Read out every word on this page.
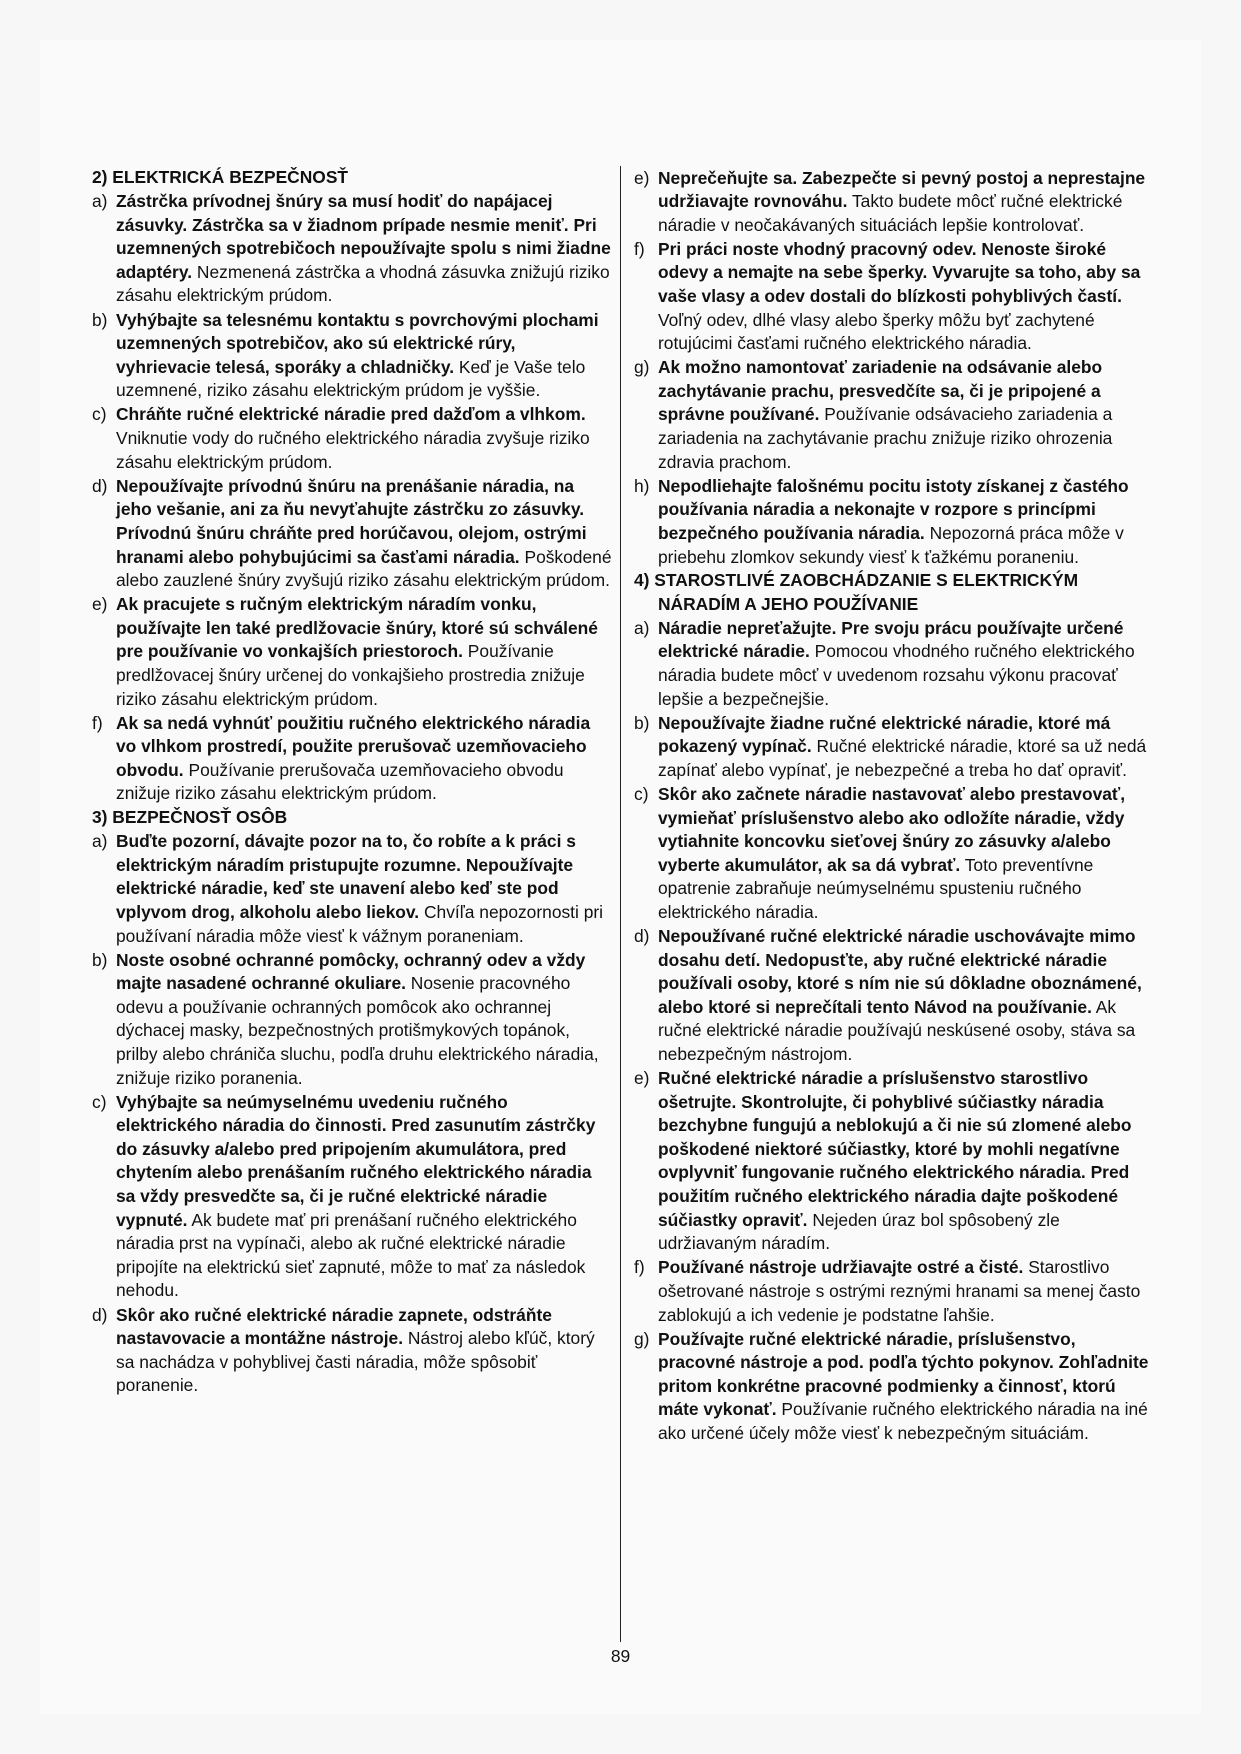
2) ELEKTRICKÁ BEZPEČNOSŤ
a) Zástrčka prívodnej šnúry sa musí hodiť do napájacej zásuvky. Zástrčka sa v žiadnom prípade nesmie meniť. Pri uzemnených spotrebičoch nepoužívajte spolu s nimi žiadne adaptéry. Nezmenená zástrčka a vhodná zásuvka znižujú riziko zásahu elektrickým prúdom.
b) Vyhýbajte sa telesnému kontaktu s povrchovými plochami uzemnených spotrebičov, ako sú elektrické rúry, vyhrievacie telesá, sporáky a chladničky. Keď je Vaše telo uzemnené, riziko zásahu elektrickým prúdom je vyššie.
c) Chráňte ručné elektrické náradie pred dažďom a vlhkom. Vniknutie vody do ručného elektrického náradia zvyšuje riziko zásahu elektrickým prúdom.
d) Nepoužívajte prívodnú šnúru na prenášanie náradia, na jeho vešanie, ani za ňu nevyťahujte zástrčku zo zásuvky. Prívodnú šnúru chráňte pred horúčavou, olejom, ostrými hranami alebo pohybujúcimi sa časťami náradia. Poškodené alebo zauzlené šnúry zvyšujú riziko zásahu elektrickým prúdom.
e) Ak pracujete s ručným elektrickým náradím vonku, používajte len také predlžovacie šnúry, ktoré sú schválené pre používanie vo vonkajších priestoroch. Používanie predlžovacej šnúry určenej do vonkajšieho prostredia znižuje riziko zásahu elektrickým prúdom.
f) Ak sa nedá vyhnúť použitiu ručného elektrického náradia vo vlhkom prostredí, použite prerušovač uzemňovacieho obvodu. Používanie prerušovača uzemňovacieho obvodu znižuje riziko zásahu elektrickým prúdom.
3) BEZPEČNOSŤ OSÔB
a) Buďte pozorní, dávajte pozor na to, čo robíte a k práci s elektrickým náradím pristupujte rozumne. Nepoužívajte elektrické náradie, keď ste unavení alebo keď ste pod vplyvom drog, alkoholu alebo liekov. Chvíľa nepozornosti pri používaní náradia môže viesť k vážnym poraneniam.
b) Noste osobné ochranné pomôcky, ochranný odev a vždy majte nasadené ochranné okuliare. Nosenie pracovného odevu a používanie ochranných pomôcok ako ochrannej dýchacej masky, bezpečnostných protišmykových topánok, prilby alebo chrániča sluchu, podľa druhu elektrického náradia, znižuje riziko poranenia.
c) Vyhýbajte sa neúmyselnému uvedeniu ručného elektrického náradia do činnosti. Pred zasunutím zástrčky do zásuvky a/alebo pred pripojením akumulátora, pred chytením alebo prenášaním ručného elektrického náradia sa vždy presvedčte sa, či je ručné elektrické náradie vypnuté. Ak budete mať pri prenášaní ručného elektrického náradia prst na vypínači, alebo ak ručné elektrické náradie pripojíte na elektrickú sieť zapnuté, môže to mať za následok nehodu.
d) Skôr ako ručné elektrické náradie zapnete, odstráňte nastavovacie a montážne nástroje. Nástroj alebo kľúč, ktorý sa nachádza v pohyblivej časti náradia, môže spôsobiť poranenie.
e) Neprečeňujte sa. Zabezpečte si pevný postoj a neprestajne udržiavajte rovnováhu. Takto budete môcť ručné elektrické náradie v neočakávaných situáciách lepšie kontrolovať.
f) Pri práci noste vhodný pracovný odev. Nenoste široké odevy a nemajte na sebe šperky. Vyvarujte sa toho, aby sa vaše vlasy a odev dostali do blízkosti pohyblivých častí. Voľný odev, dlhé vlasy alebo šperky môžu byť zachytené rotujúcimi časťami ručného elektrického náradia.
g) Ak možno namontovať zariadenie na odsávanie alebo zachytávanie prachu, presvedčíte sa, či je pripojené a správne používané. Používanie odsávacieho zariadenia a zariadenia na zachytávanie prachu znižuje riziko ohrozenia zdravia prachom.
h) Nepodliehajte falošnému pocitu istoty získanej z častého používania náradia a nekonajte v rozpore s princípmi bezpečného používania náradia. Nepozorná práca môže v priebehu zlomkov sekundy viesť k ťažkému poraneniu.
4) STAROSTLIVÉ ZAOBCHÁDZANIE S ELEKTRICKÝM NÁRADÍM A JEHO POUŽÍVANIE
a) Náradie nepreťažujte. Pre svoju prácu používajte určené elektrické náradie. Pomocou vhodného ručného elektrického náradia budete môcť v uvedenom rozsahu výkonu pracovať lepšie a bezpečnejšie.
b) Nepoužívajte žiadne ručné elektrické náradie, ktoré má pokazený vypínač. Ručné elektrické náradie, ktoré sa už nedá zapínať alebo vypínať, je nebezpečné a treba ho dať opraviť.
c) Skôr ako začnete náradie nastavovať alebo prestavovať, vymieňať príslušenstvo alebo ako odložíte náradie, vždy vytiahnite koncovku sieťovej šnúry zo zásuvky a/alebo vyberte akumulátor, ak sa dá vybrať. Toto preventívne opatrenie zabraňuje neúmyselnému spusteniu ručného elektrického náradia.
d) Nepoužívané ručné elektrické náradie uschovávajte mimo dosahu detí. Nedopusťte, aby ručné elektrické náradie používali osoby, ktoré s ním nie sú dôkladne oboznámené, alebo ktoré si neprečítali tento Návod na používanie. Ak ručné elektrické náradie používajú neskúsené osoby, stáva sa nebezpečným nástrojom.
e) Ručné elektrické náradie a príslušenstvo starostlivo ošetrujte. Skontrolujte, či pohyblivé súčiastky náradia bezchybne fungujú a neblokujú a či nie sú zlomené alebo poškodené niektoré súčiastky, ktoré by mohli negatívne ovplyvniť fungovanie ručného elektrického náradia. Pred použitím ručného elektrického náradia dajte poškodené súčiastky opraviť. Nejeden úraz bol spôsobený zle udržiavaným náradím.
f) Používané nástroje udržiavajte ostré a čisté. Starostlivo ošetrované nástroje s ostrými reznými hranami sa menej často zablokujú a ich vedenie je podstatne ľahšie.
g) Používajte ručné elektrické náradie, príslušenstvo, pracovné nástroje a pod. podľa týchto pokynov. Zohľadnite pritom konkrétne pracovné podmienky a činnosť, ktorú máte vykonať. Používanie ručného elektrického náradia na iné ako určené účely môže viesť k nebezpečným situáciám.
89
